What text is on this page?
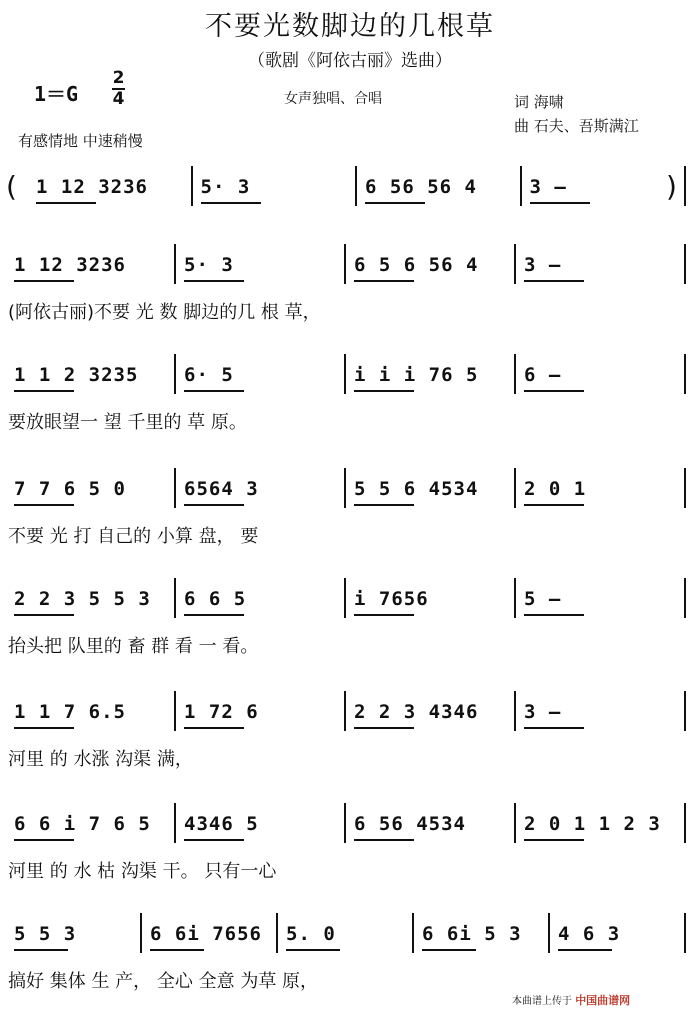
不要光数脚边的几根草
（歌剧《阿依古丽》选曲）
1＝G
2
4	女声独唱、合唱	词 海啸
曲 石夫、吾斯满江
有感情地 中速稍慢
( 1 12 3236	5· 3	6 56 56 4	3 –	)
1 12 3236	5· 3	6 5 6 56 4 3 –
(阿依古丽)不要 光 数 脚边的几 根 草，
1 1 2 3235 6· 5	i i i 76 5 6 –
要放眼望一 望 千里的 草 原。
7 7 6 5 0	6564 3	5 5 6 4534 2 0 1
不要 光 打 自己的 小算 盘， 要
2 2 3 5 5 3 6 6 5	i 7656	5 –
抬头把 队里的 畜 群 看 一 看。
1 1 7 6.5	1 72 6	2 2 3 4346 3 –
河里 的 水涨 沟渠 满，
6 6 i 7 6 5 4346 5	6 56 4534	2 0 1 1 2 3
河里 的 水 枯 沟渠 干。 只有一心
5 5 3	6 6i 7656 5. 0	6 6i 5 3 4 6 3
搞好 集体 生 产， 全心 全意 为草 原，
本曲谱上传于 中国曲谱网
